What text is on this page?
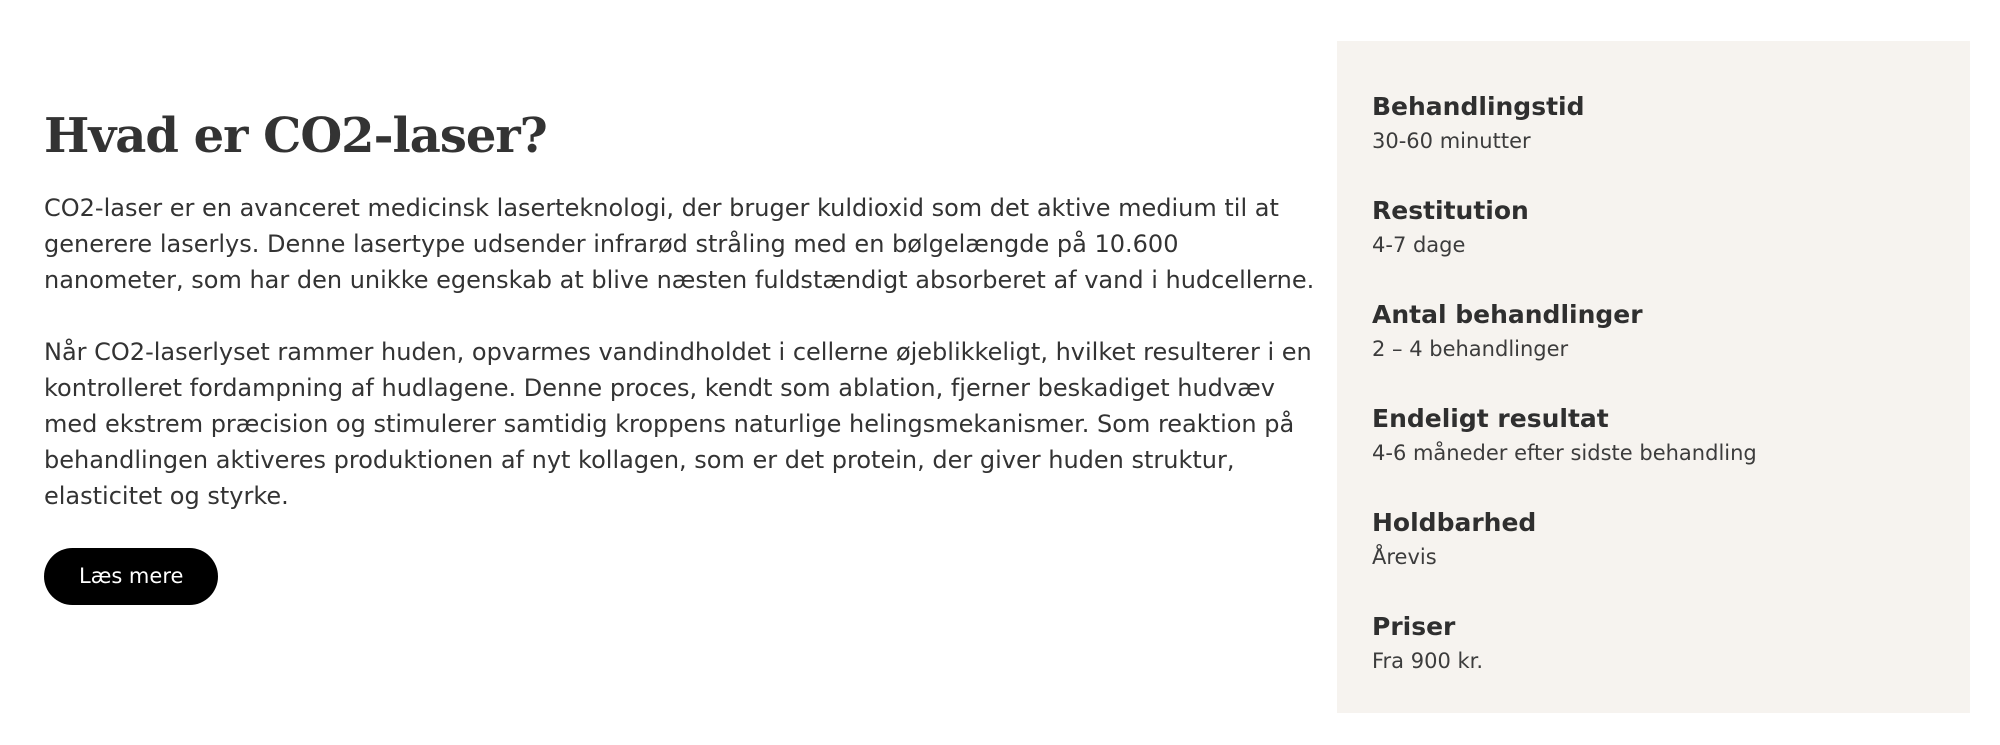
Hvad er CO2-laser?

CO2-laser er en avanceret medicinsk laserteknologi, der bruger kuldioxid som det aktive medium til at generere laserlys. Denne lasertype udsender infrarød stråling med en bølgelængde på 10.600 nanometer, som har den unikke egenskab at blive næsten fuldstændigt absorberet af vand i hudcellerne.

Når CO2-laserlyset rammer huden, opvarmes vandindholdet i cellerne øjeblikkeligt, hvilket resulterer i en kontrolleret fordampning af hudlagene. Denne proces, kendt som ablation, fjerner beskadiget hudvæv med ekstrem præcision og stimulerer samtidig kroppens naturlige helingsmekanismer. Som reaktion på behandlingen aktiveres produktionen af nyt kollagen, som er det protein, der giver huden struktur, elasticitet og styrke.

Læs mere
Behandlingstid
30-60 minutter
Restitution
4-7 dage
Antal behandlinger
2 – 4 behandlinger
Endeligt resultat
4-6 måneder efter sidste behandling
Holdbarhed
Årevis
Priser
Fra 900 kr.
